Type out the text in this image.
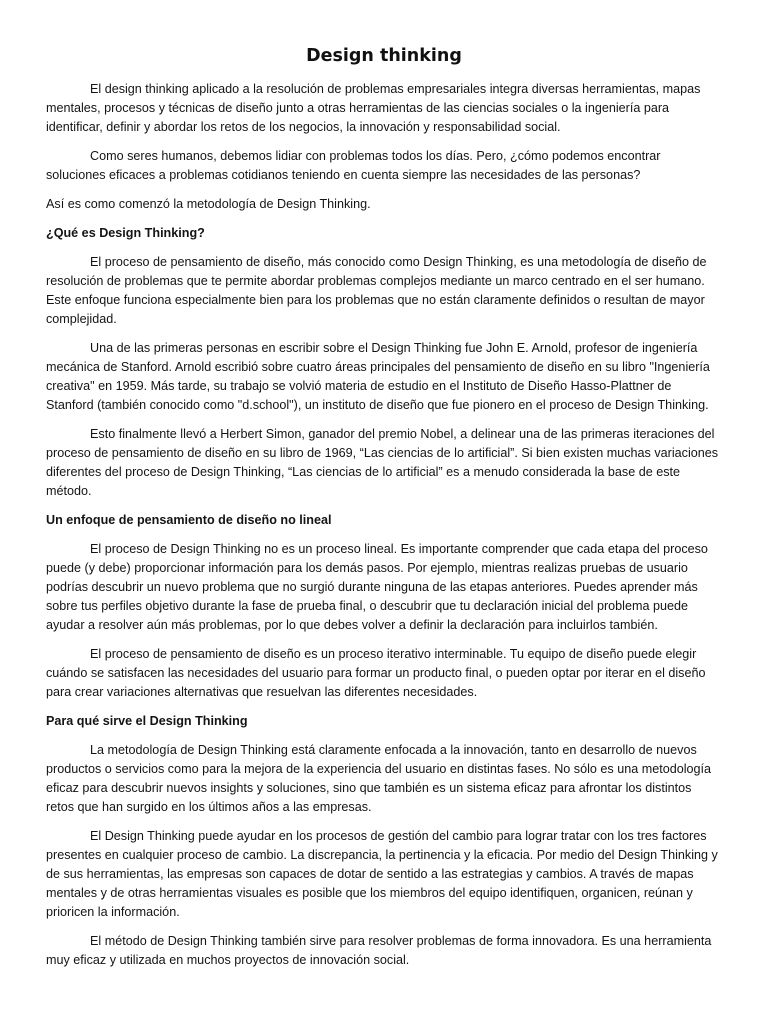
Design thinking

El design thinking aplicado a la resolución de problemas empresariales integra diversas herramientas, mapas mentales, procesos y técnicas de diseño junto a otras herramientas de las ciencias sociales o la ingeniería para identificar, definir y abordar los retos de los negocios, la innovación y responsabilidad social.

Como seres humanos, debemos lidiar con problemas todos los días. Pero, ¿cómo podemos encontrar soluciones eficaces a problemas cotidianos teniendo en cuenta siempre las necesidades de las personas?

Así es como comenzó la metodología de Design Thinking.

¿Qué es Design Thinking?

El proceso de pensamiento de diseño, más conocido como Design Thinking, es una metodología de diseño de resolución de problemas que te permite abordar problemas complejos mediante un marco centrado en el ser humano. Este enfoque funciona especialmente bien para los problemas que no están claramente definidos o resultan de mayor complejidad.

Una de las primeras personas en escribir sobre el Design Thinking fue John E. Arnold, profesor de ingeniería mecánica de Stanford. Arnold escribió sobre cuatro áreas principales del pensamiento de diseño en su libro "Ingeniería creativa" en 1959. Más tarde, su trabajo se volvió materia de estudio en el Instituto de Diseño Hasso-Plattner de Stanford (también conocido como "d.school"), un instituto de diseño que fue pionero en el proceso de Design Thinking.

Esto finalmente llevó a Herbert Simon, ganador del premio Nobel, a delinear una de las primeras iteraciones del proceso de pensamiento de diseño en su libro de 1969, “Las ciencias de lo artificial”. Si bien existen muchas variaciones diferentes del proceso de Design Thinking, “Las ciencias de lo artificial” es a menudo considerada la base de este método.

Un enfoque de pensamiento de diseño no lineal

El proceso de Design Thinking no es un proceso lineal. Es importante comprender que cada etapa del proceso puede (y debe) proporcionar información para los demás pasos. Por ejemplo, mientras realizas pruebas de usuario podrías descubrir un nuevo problema que no surgió durante ninguna de las etapas anteriores. Puedes aprender más sobre tus perfiles objetivo durante la fase de prueba final, o descubrir que tu declaración inicial del problema puede ayudar a resolver aún más problemas, por lo que debes volver a definir la declaración para incluirlos también.

El proceso de pensamiento de diseño es un proceso iterativo interminable. Tu equipo de diseño puede elegir cuándo se satisfacen las necesidades del usuario para formar un producto final, o pueden optar por iterar en el diseño para crear variaciones alternativas que resuelvan las diferentes necesidades.

Para qué sirve el Design Thinking

La metodología de Design Thinking está claramente enfocada a la innovación, tanto en desarrollo de nuevos productos o servicios como para la mejora de la experiencia del usuario en distintas fases. No sólo es una metodología eficaz para descubrir nuevos insights y soluciones, sino que también es un sistema eficaz para afrontar los distintos retos que han surgido en los últimos años a las empresas.

El Design Thinking puede ayudar en los procesos de gestión del cambio para lograr tratar con los tres factores presentes en cualquier proceso de cambio. La discrepancia, la pertinencia y la eficacia. Por medio del Design Thinking y de sus herramientas, las empresas son capaces de dotar de sentido a las estrategias y cambios. A través de mapas mentales y de otras herramientas visuales es posible que los miembros del equipo identifiquen, organicen, reúnan y prioricen la información.

El método de Design Thinking también sirve para resolver problemas de forma innovadora. Es una herramienta muy eficaz y utilizada en muchos proyectos de innovación social.
